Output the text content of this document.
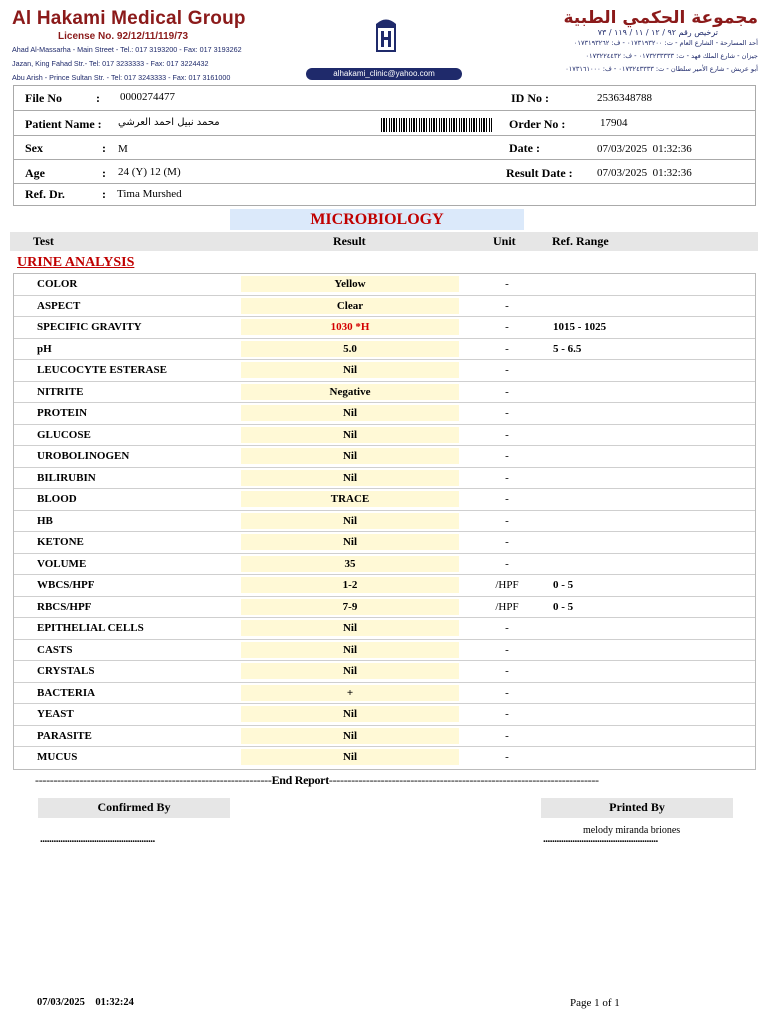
Al Hakami Medical Group
License No. 92/12/11/119/73
Ahad Al-Massarha - Main Street - Tel.: 017 3193200 - Fax: 017 3193262
Jazan, King Fahad Str.- Tel: 017 3233333 - Fax: 017 3224432
Abu Arish - Prince Sultan Str. - Tel: 017 3243333 - Fax: 017 3161000	alhakami_clinic@yahoo.com
مجموعة الحكمي الطبية
ترخيص رقم ٩٢ / ١٢ / ١١ / ١١٩ / ٧٣
أحد المسارحة - الشارع العام - ت: ٠١٧٣١٩٣٢٠٠ - ف: ٠١٧٣١٩٣٢٦٢
جيزان - شارع الملك فهد - ت: ٠١٧٣٢٣٣٣٣٣ - ف: ٠١٧٣٢٢٤٤٣٢
أبو عريش - شارع الأمير سلطان - ت: ٠١٧٣٢٤٣٣٣٣ - ف: ٠١٧٣١٦١٠٠٠
File No	: 0000274477	ID No :	2536348788
Patient Name : محمد نبيل احمد العرشي	Order No :	17904
Sex	: M	Date :	07/03/2025  01:32:36
Age	: 24 (Y) 12 (M)	Result Date : 07/03/2025  01:32:36
Ref. Dr.	: Tima Murshed
MICROBIOLOGY
Test	Result	Unit	Ref. Range
URINE ANALYSIS
COLOR	Yellow	-
ASPECT	Clear	-
SPECIFIC GRAVITY	1030 *H	-	1015 - 1025
pH	5.0	-	5 - 6.5
LEUCOCYTE ESTERASE	Nil	-
NITRITE	Negative	-
PROTEIN	Nil	-
GLUCOSE	Nil	-
UROBOLINOGEN	Nil	-
BILIRUBIN	Nil	-
BLOOD	TRACE	-
HB	Nil	-
KETONE	Nil	-
VOLUME	35	-
WBCS/HPF	1-2	/HPF	0 - 5
RBCS/HPF	7-9	/HPF	0 - 5
EPITHELIAL CELLS	Nil	-
CASTS	Nil	-
CRYSTALS	Nil	-
BACTERIA	+	-
YEAST	Nil	-
PARASITE	Nil	-
MUCUS	Nil	-
----------------------------------------------------------------End Report-------------------------------------------------------------------------
Confirmed By
...................................................
Printed By
melody miranda briones
...................................................
07/03/2025    01:32:24	Page 1 of 1
